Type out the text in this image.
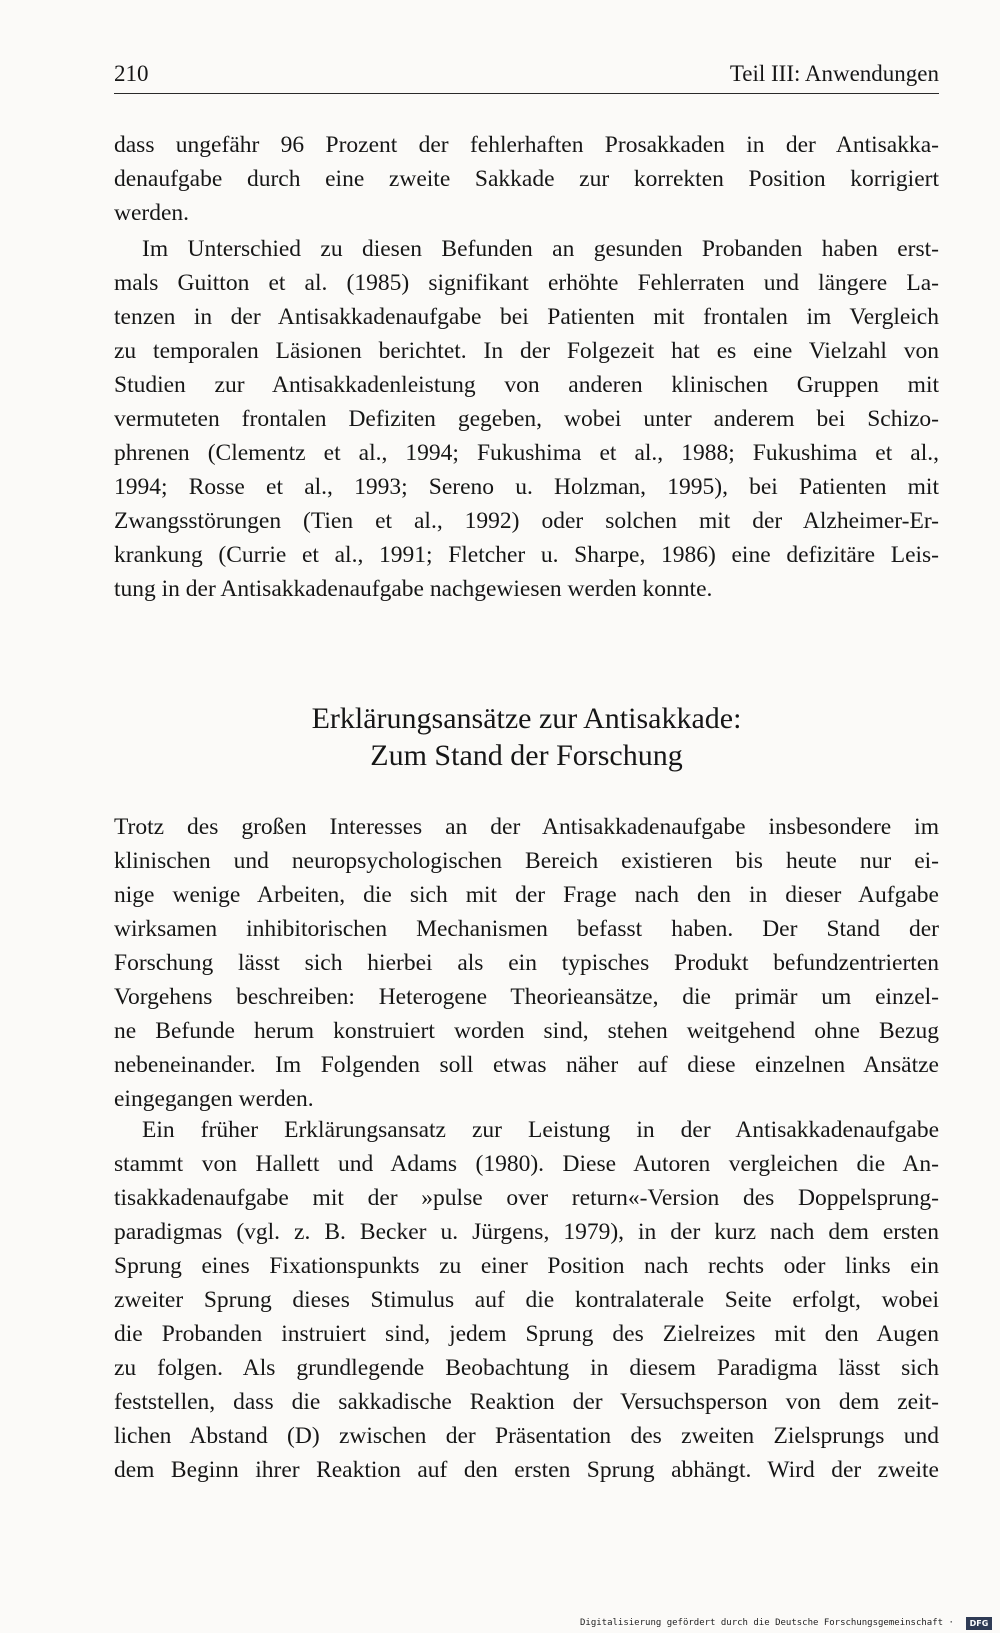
210	Teil III: Anwendungen
dass ungefähr 96 Prozent der fehlerhaften Prosakkaden in der Antisakka-
denaufgabe durch eine zweite Sakkade zur korrekten Position korrigiert
werden.
Im Unterschied zu diesen Befunden an gesunden Probanden haben erst-
mals Guitton et al. (1985) signifikant erhöhte Fehlerraten und längere La-
tenzen in der Antisakkadenaufgabe bei Patienten mit frontalen im Vergleich
zu temporalen Läsionen berichtet. In der Folgezeit hat es eine Vielzahl von
Studien zur Antisakkadenleistung von anderen klinischen Gruppen mit
vermuteten frontalen Defiziten gegeben, wobei unter anderem bei Schizo-
phrenen (Clementz et al., 1994; Fukushima et al., 1988; Fukushima et al.,
1994; Rosse et al., 1993; Sereno u. Holzman, 1995), bei Patienten mit
Zwangsstörungen (Tien et al., 1992) oder solchen mit der Alzheimer-Er-
krankung (Currie et al., 1991; Fletcher u. Sharpe, 1986) eine defizitäre Leis-
tung in der Antisakkadenaufgabe nachgewiesen werden konnte.
Erklärungsansätze zur Antisakkade:
Zum Stand der Forschung
Trotz des großen Interesses an der Antisakkadenaufgabe insbesondere im
klinischen und neuropsychologischen Bereich existieren bis heute nur ei-
nige wenige Arbeiten, die sich mit der Frage nach den in dieser Aufgabe
wirksamen inhibitorischen Mechanismen befasst haben. Der Stand der
Forschung lässt sich hierbei als ein typisches Produkt befundzentrierten
Vorgehens beschreiben: Heterogene Theorieansätze, die primär um einzel-
ne Befunde herum konstruiert worden sind, stehen weitgehend ohne Bezug
nebeneinander. Im Folgenden soll etwas näher auf diese einzelnen Ansätze
eingegangen werden.
Ein früher Erklärungsansatz zur Leistung in der Antisakkadenaufgabe
stammt von Hallett und Adams (1980). Diese Autoren vergleichen die An-
tisakkadenaufgabe mit der »pulse over return«-Version des Doppelsprung-
paradigmas (vgl. z. B. Becker u. Jürgens, 1979), in der kurz nach dem ersten
Sprung eines Fixationspunkts zu einer Position nach rechts oder links ein
zweiter Sprung dieses Stimulus auf die kontralaterale Seite erfolgt, wobei
die Probanden instruiert sind, jedem Sprung des Zielreizes mit den Augen
zu folgen. Als grundlegende Beobachtung in diesem Paradigma lässt sich
feststellen, dass die sakkadische Reaktion der Versuchsperson von dem zeit-
lichen Abstand (D) zwischen der Präsentation des zweiten Zielsprungs und
dem Beginn ihrer Reaktion auf den ersten Sprung abhängt. Wird der zweite
Digitalisierung gefördert durch die Deutsche Forschungsgemeinschaft ·	DFG
